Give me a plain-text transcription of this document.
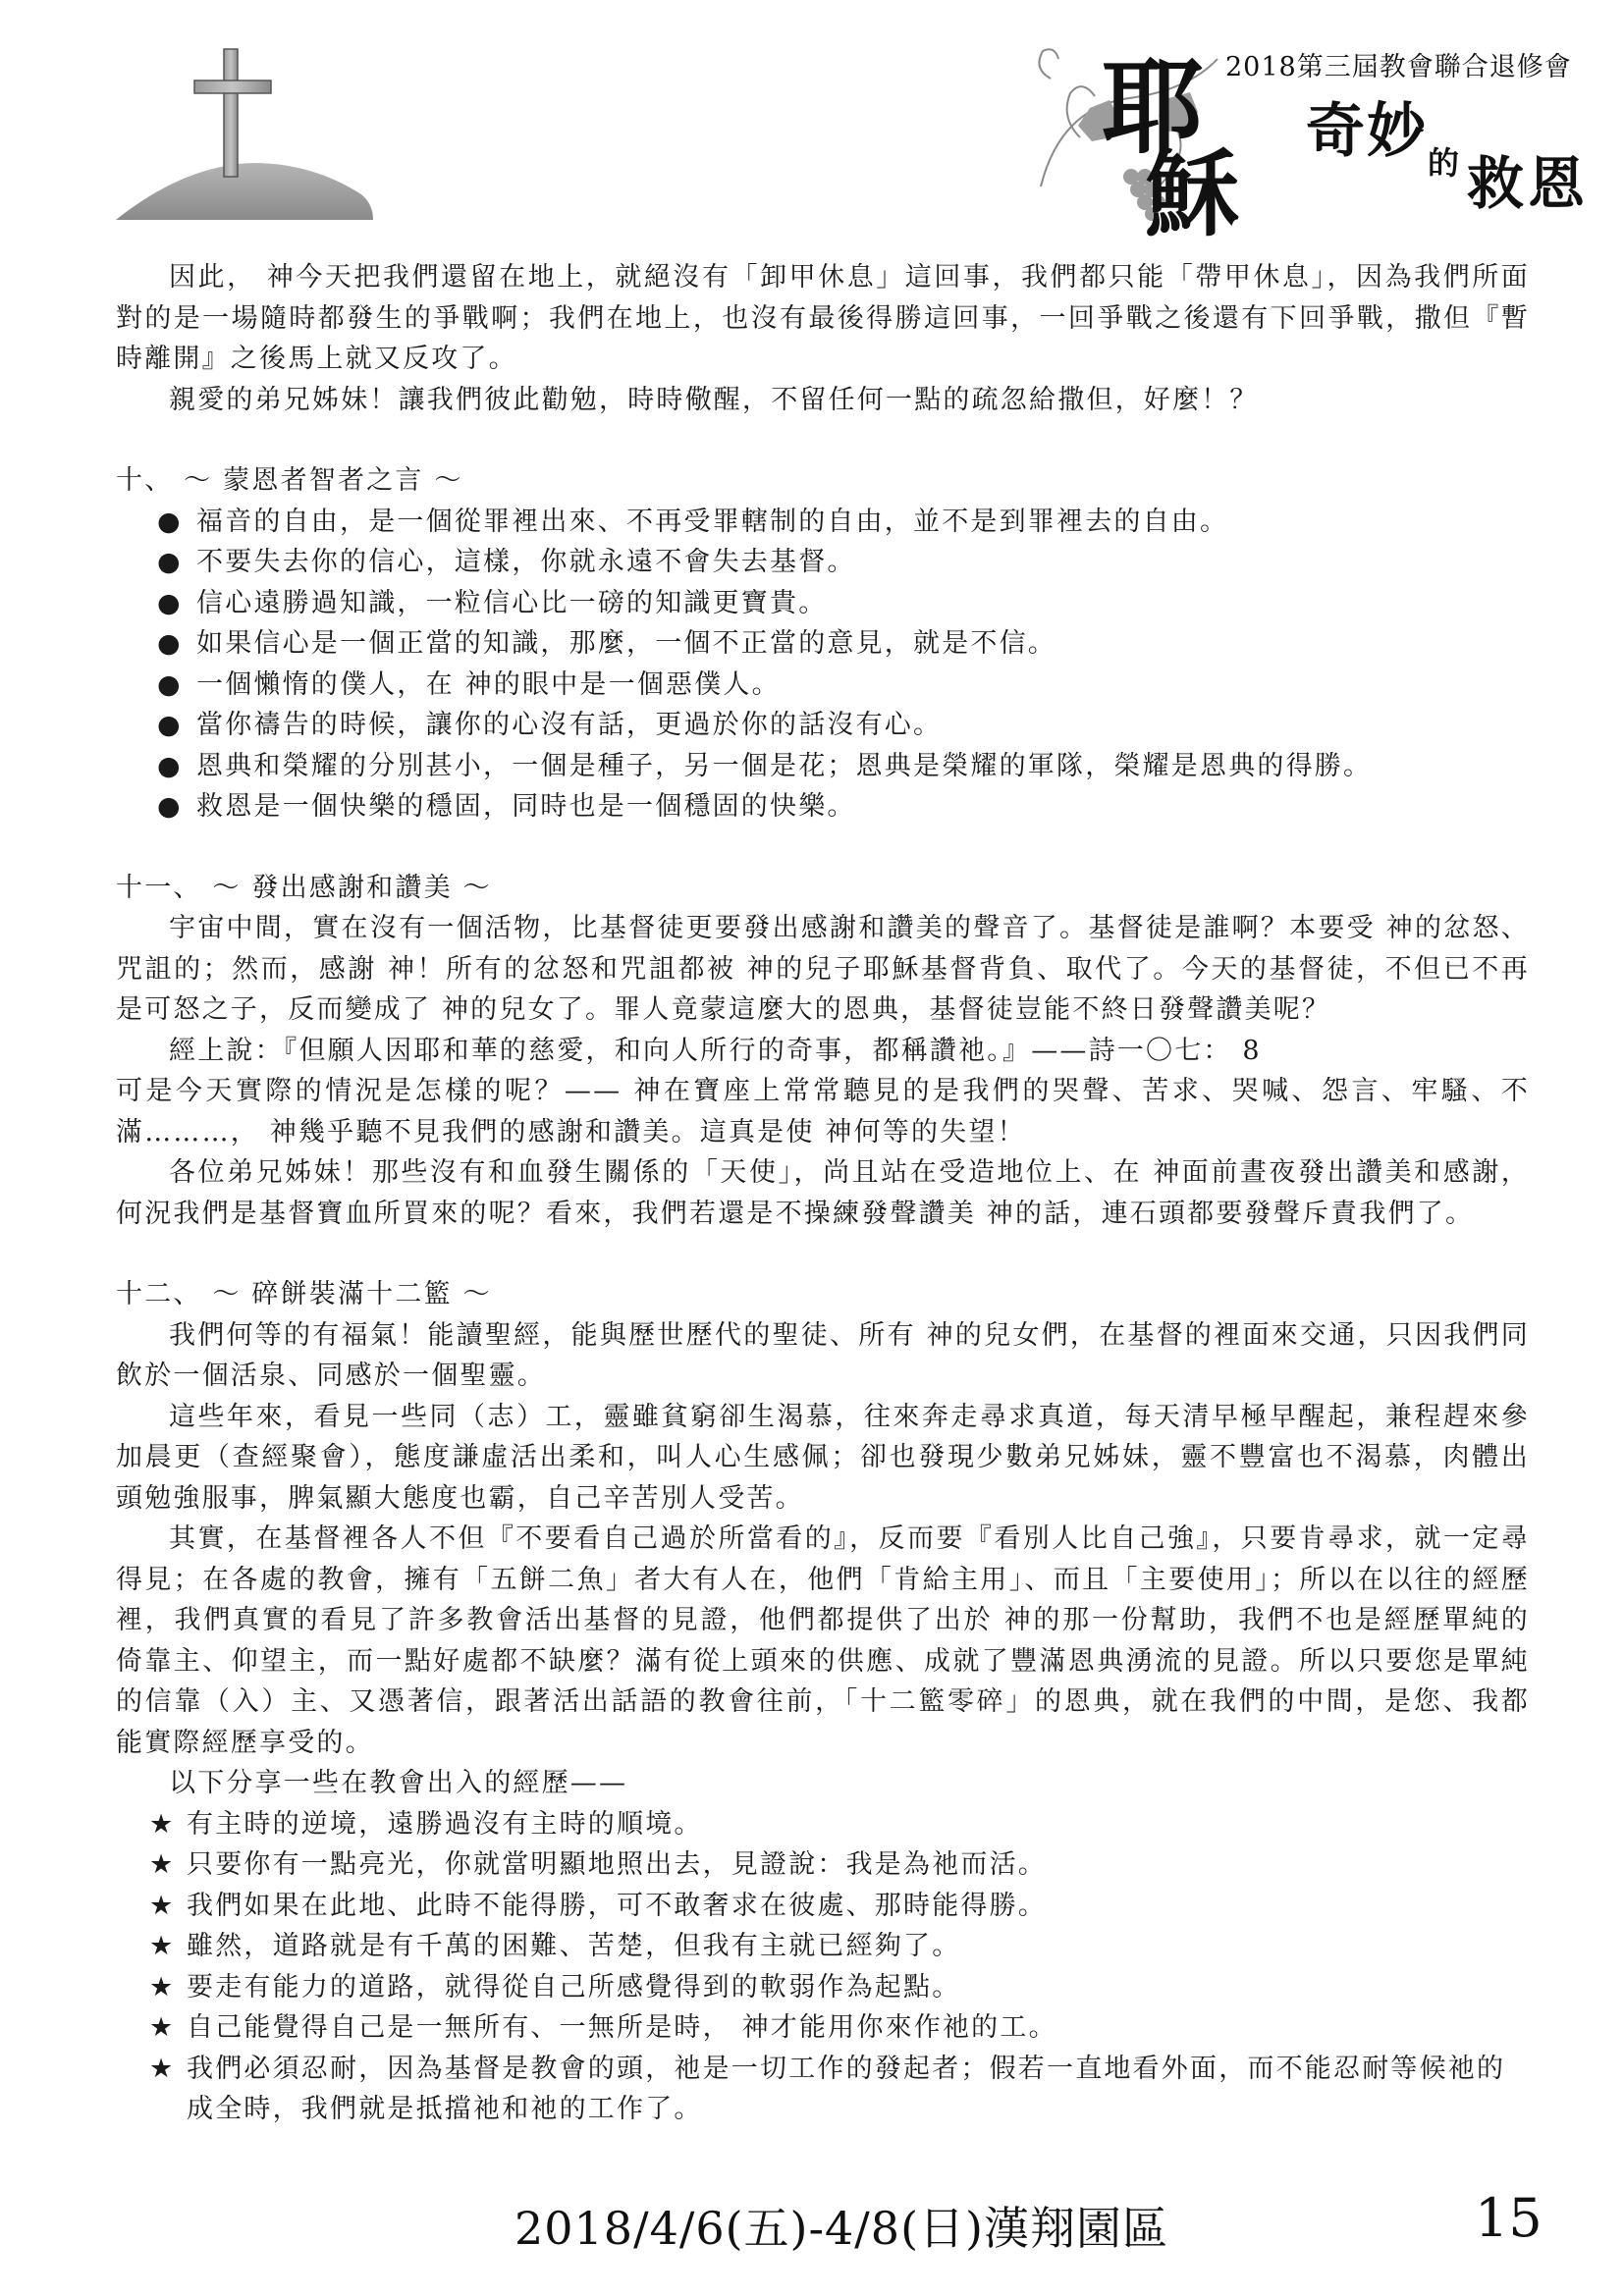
2018第三屆教會聯合退修會
耶
穌
奇妙 的 救恩

因此， 神今天把我們還留在地上，就絕沒有「卸甲休息」這回事，我們都只能「帶甲休息」，因為我們所面對的是一場隨時都發生的爭戰啊；我們在地上，也沒有最後得勝這回事，一回爭戰之後還有下回爭戰，撒但『暫時離開』之後馬上就又反攻了。

親愛的弟兄姊妹！讓我們彼此勸勉，時時儆醒，不留任何一點的疏忽給撒但，好麼！？

十、 ～ 蒙恩者智者之言 ～

● 福音的自由，是一個從罪裡出來、不再受罪轄制的自由，並不是到罪裡去的自由。
● 不要失去你的信心，這樣，你就永遠不會失去基督。
● 信心遠勝過知識，一粒信心比一磅的知識更寶貴。
● 如果信心是一個正當的知識，那麼，一個不正當的意見，就是不信。
● 一個懶惰的僕人，在 神的眼中是一個惡僕人。
● 當你禱告的時候，讓你的心沒有話，更過於你的話沒有心。
● 恩典和榮耀的分別甚小，一個是種子，另一個是花；恩典是榮耀的軍隊，榮耀是恩典的得勝。
● 救恩是一個快樂的穩固，同時也是一個穩固的快樂。

十一、 ～ 發出感謝和讚美 ～

宇宙中間，實在沒有一個活物，比基督徒更要發出感謝和讚美的聲音了。基督徒是誰啊？本要受 神的忿怒、咒詛的；然而，感謝 神！所有的忿怒和咒詛都被 神的兒子耶穌基督背負、取代了。今天的基督徒，不但已不再是可怒之子，反而變成了 神的兒女了。罪人竟蒙這麼大的恩典，基督徒豈能不終日發聲讚美呢？

經上說：『但願人因耶和華的慈愛，和向人所行的奇事，都稱讚祂。』——詩一〇七： 8

可是今天實際的情況是怎樣的呢？—— 神在寶座上常常聽見的是我們的哭聲、苦求、哭喊、怨言、牢騷、不滿………， 神幾乎聽不見我們的感謝和讚美。這真是使 神何等的失望！

各位弟兄姊妹！那些沒有和血發生關係的「天使」，尚且站在受造地位上、在 神面前晝夜發出讚美和感謝，何況我們是基督寶血所買來的呢？看來，我們若還是不操練發聲讚美 神的話，連石頭都要發聲斥責我們了。

十二、 ～ 碎餅裝滿十二籃 ～

我們何等的有福氣！能讀聖經，能與歷世歷代的聖徒、所有 神的兒女們，在基督的裡面來交通，只因我們同飲於一個活泉、同感於一個聖靈。

這些年來，看見一些同（志）工，靈雖貧窮卻生渴慕，往來奔走尋求真道，每天清早極早醒起，兼程趕來參加晨更（查經聚會），態度謙虛活出柔和，叫人心生感佩；卻也發現少數弟兄姊妹，靈不豐富也不渴慕，肉體出頭勉強服事，脾氣顯大態度也霸，自己辛苦別人受苦。

其實，在基督裡各人不但『不要看自己過於所當看的』，反而要『看別人比自己強』，只要肯尋求，就一定尋得見；在各處的教會，擁有「五餅二魚」者大有人在，他們「肯給主用」、而且「主要使用」；所以在以往的經歷裡，我們真實的看見了許多教會活出基督的見證，他們都提供了出於 神的那一份幫助，我們不也是經歷單純的倚靠主、仰望主，而一點好處都不缺麼？滿有從上頭來的供應、成就了豐滿恩典湧流的見證。所以只要您是單純的信靠（入）主、又憑著信，跟著活出話語的教會往前，「十二籃零碎」的恩典，就在我們的中間，是您、我都能實際經歷享受的。

以下分享一些在教會出入的經歷——

★ 有主時的逆境，遠勝過沒有主時的順境。
★ 只要你有一點亮光，你就當明顯地照出去，見證說：我是為祂而活。
★ 我們如果在此地、此時不能得勝，可不敢奢求在彼處、那時能得勝。
★ 雖然，道路就是有千萬的困難、苦楚，但我有主就已經夠了。
★ 要走有能力的道路，就得從自己所感覺得到的軟弱作為起點。
★ 自己能覺得自己是一無所有、一無所是時， 神才能用你來作祂的工。
★ 我們必須忍耐，因為基督是教會的頭，祂是一切工作的發起者；假若一直地看外面，而不能忍耐等候祂的成全時，我們就是抵擋祂和祂的工作了。
2018/4/6(五)-4/8(日)漢翔園區	15
